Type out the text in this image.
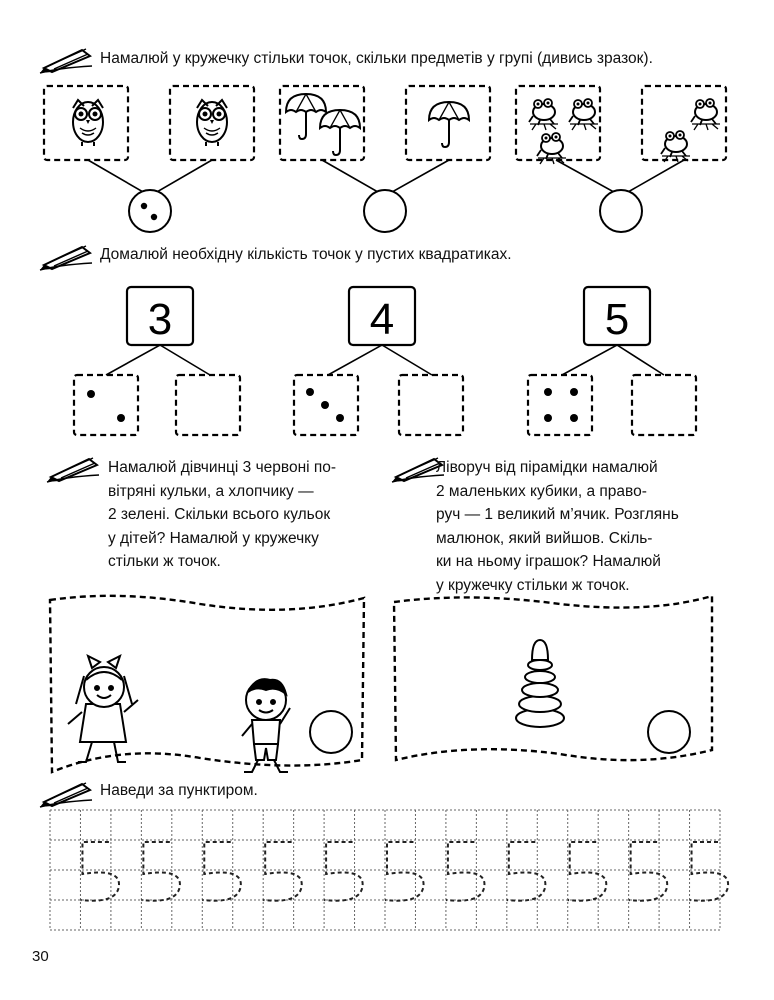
Намалюй у кружечку стільки точок, скільки предметів у групі (дивись зразок).
Домалюй необхідну кількість точок у пустих квадратиках.
Намалюй дівчинці 3 червоні по-
вітряні кульки, а хлопчику —
2 зелені. Скільки всього кульок
у дітей? Намалюй у кружечку
стільки ж точок.
Ліворуч від пірамідки намалюй
2 маленьких кубики, а право-
руч — 1 великий м’ячик. Розглянь
малюнок, який вийшов. Скіль-
ки на ньому іграшок? Намалюй
у кружечку стільки ж точок.
Наведи за пунктиром.
3	4	5
30
